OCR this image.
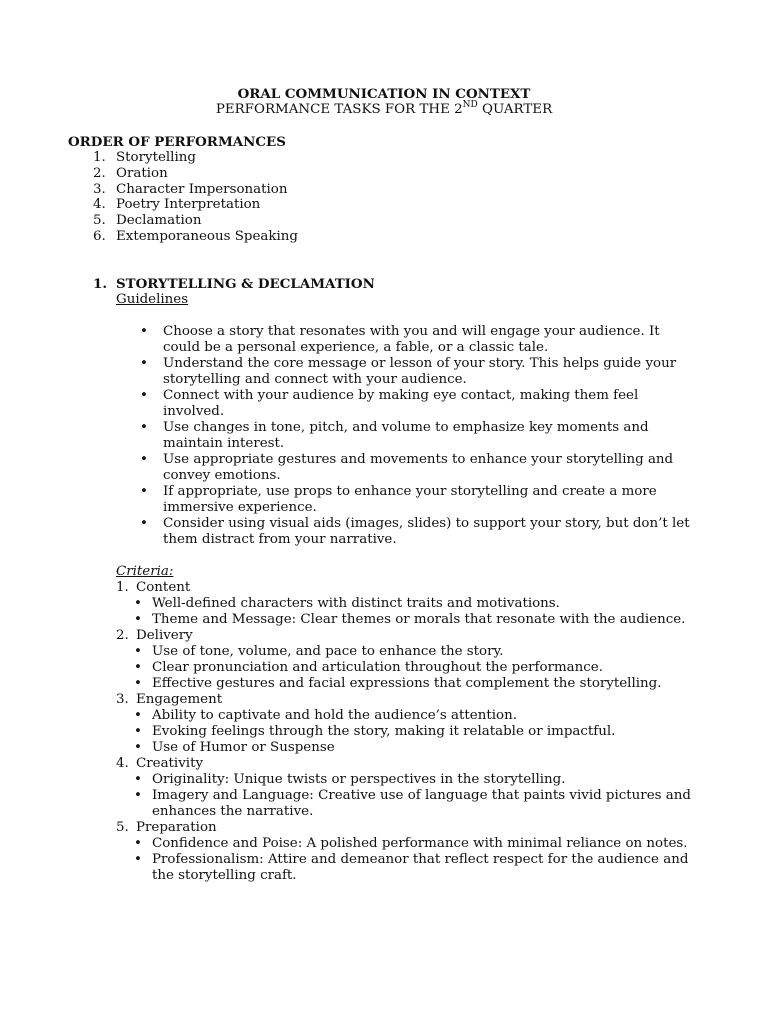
ORAL COMMUNICATION IN CONTEXT
PERFORMANCE TASKS FOR THE 2ND QUARTER
ORDER OF PERFORMANCES
1. Storytelling
2. Oration
3. Character Impersonation
4. Poetry Interpretation
5. Declamation
6. Extemporaneous Speaking
1. STORYTELLING & DECLAMATION
Guidelines
• Choose a story that resonates with you and will engage your audience. It could be a personal experience, a fable, or a classic tale.
• Understand the core message or lesson of your story. This helps guide your storytelling and connect with your audience.
• Connect with your audience by making eye contact, making them feel involved.
• Use changes in tone, pitch, and volume to emphasize key moments and maintain interest.
• Use appropriate gestures and movements to enhance your storytelling and convey emotions.
• If appropriate, use props to enhance your storytelling and create a more immersive experience.
• Consider using visual aids (images, slides) to support your story, but don’t let them distract from your narrative.
Criteria:
1. Content
• Well-defined characters with distinct traits and motivations.
• Theme and Message: Clear themes or morals that resonate with the audience.
2. Delivery
• Use of tone, volume, and pace to enhance the story.
• Clear pronunciation and articulation throughout the performance.
• Effective gestures and facial expressions that complement the storytelling.
3. Engagement
• Ability to captivate and hold the audience’s attention.
• Evoking feelings through the story, making it relatable or impactful.
• Use of Humor or Suspense
4. Creativity
• Originality: Unique twists or perspectives in the storytelling.
• Imagery and Language: Creative use of language that paints vivid pictures and enhances the narrative.
5. Preparation
• Confidence and Poise: A polished performance with minimal reliance on notes.
• Professionalism: Attire and demeanor that reflect respect for the audience and the storytelling craft.
